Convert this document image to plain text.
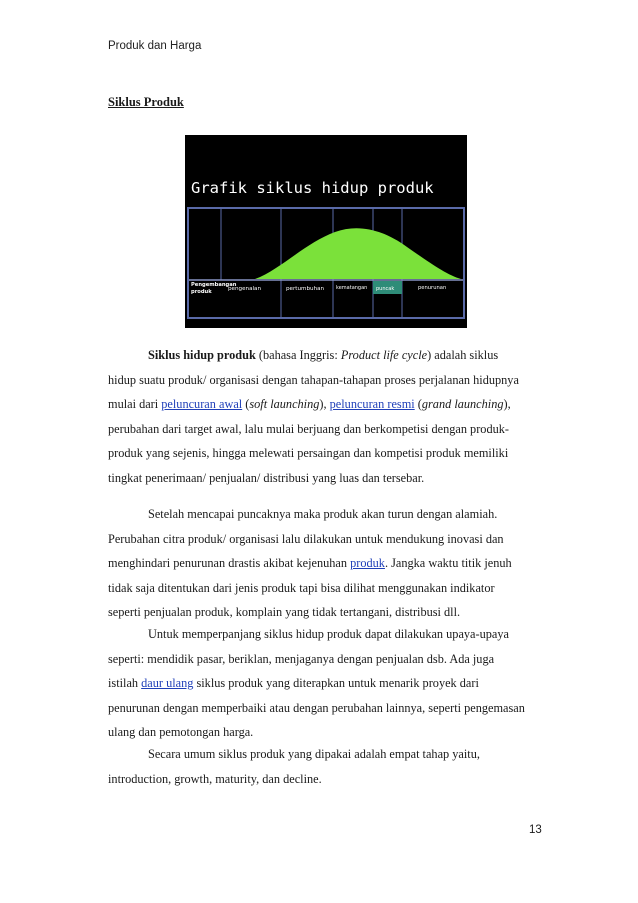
Produk dan Harga
Siklus Produk
Grafik siklus hidup produk
Pengembangan produk	pengenalan	pertumbuhan kematangan puncak	penurunan

Siklus hidup produk (bahasa Inggris: Product life cycle) adalah siklus
hidup suatu produk/ organisasi dengan tahapan-tahapan proses perjalanan hidupnya
mulai dari peluncuran awal (soft launching), peluncuran resmi (grand launching),
perubahan dari target awal, lalu mulai berjuang dan berkompetisi dengan produk-
produk yang sejenis, hingga melewati persaingan dan kompetisi produk memiliki
tingkat penerimaan/ penjualan/ distribusi yang luas dan tersebar.

Setelah mencapai puncaknya maka produk akan turun dengan alamiah.
Perubahan citra produk/ organisasi lalu dilakukan untuk mendukung inovasi dan
menghindari penurunan drastis akibat kejenuhan produk. Jangka waktu titik jenuh
tidak saja ditentukan dari jenis produk tapi bisa dilihat menggunakan indikator
seperti penjualan produk, komplain yang tidak tertangani, distribusi dll.

Untuk memperpanjang siklus hidup produk dapat dilakukan upaya-upaya
seperti: mendidik pasar, beriklan, menjaganya dengan penjualan dsb. Ada juga
istilah daur ulang siklus produk yang diterapkan untuk menarik proyek dari
penurunan dengan memperbaiki atau dengan perubahan lainnya, seperti pengemasan
ulang dan pemotongan harga.

Secara umum siklus produk yang dipakai adalah empat tahap yaitu,
introduction, growth, maturity, dan decline.

13
